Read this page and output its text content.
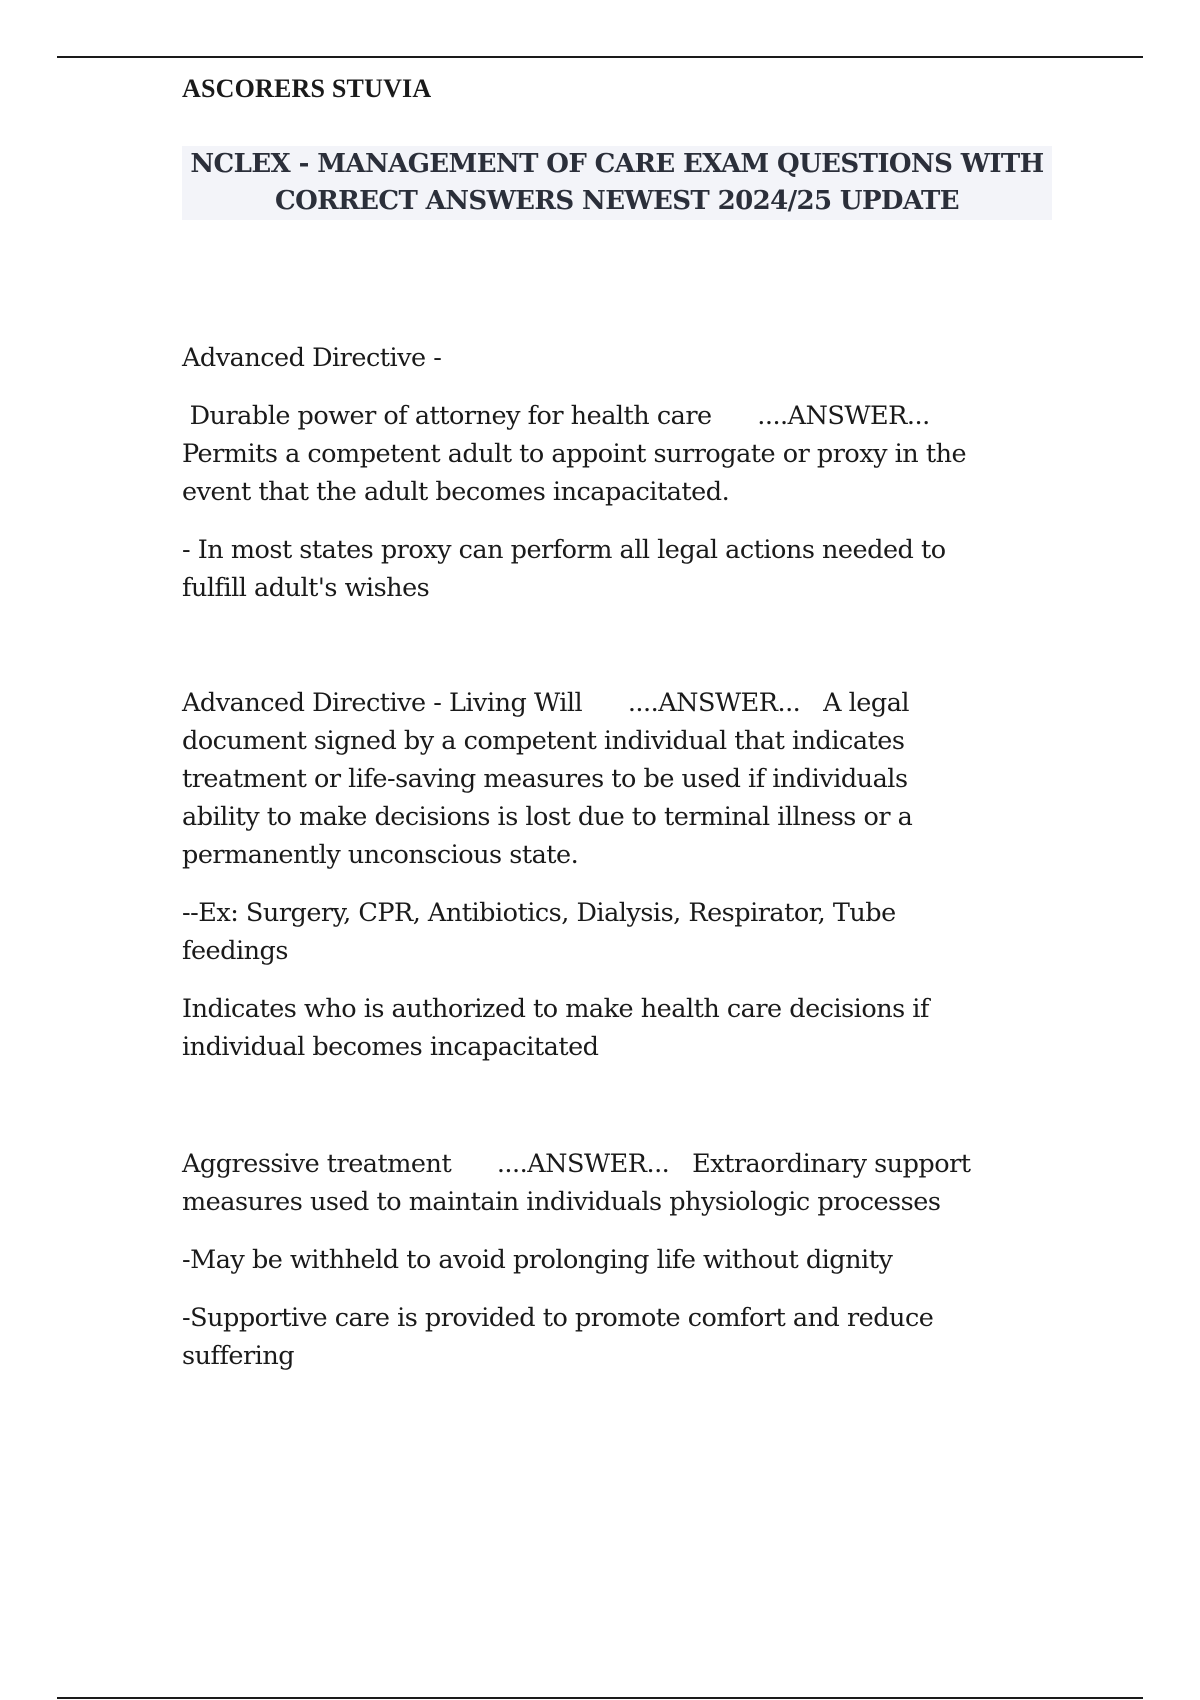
ASCORERS STUVIA
NCLEX - MANAGEMENT OF CARE EXAM QUESTIONS WITH
CORRECT ANSWERS NEWEST 2024/25 UPDATE

Advanced Directive -

Durable power of attorney for health care      ....ANSWER...

Permits a competent adult to appoint surrogate or proxy in the

event that the adult becomes incapacitated.

- In most states proxy can perform all legal actions needed to

fulfill adult's wishes

Advanced Directive - Living Will      ....ANSWER...   A legal

document signed by a competent individual that indicates

treatment or life-saving measures to be used if individuals

ability to make decisions is lost due to terminal illness or a

permanently unconscious state.

--Ex: Surgery, CPR, Antibiotics, Dialysis, Respirator, Tube

feedings

Indicates who is authorized to make health care decisions if

individual becomes incapacitated

Aggressive treatment      ....ANSWER...   Extraordinary support

measures used to maintain individuals physiologic processes

-May be withheld to avoid prolonging life without dignity

-Supportive care is provided to promote comfort and reduce

suffering
